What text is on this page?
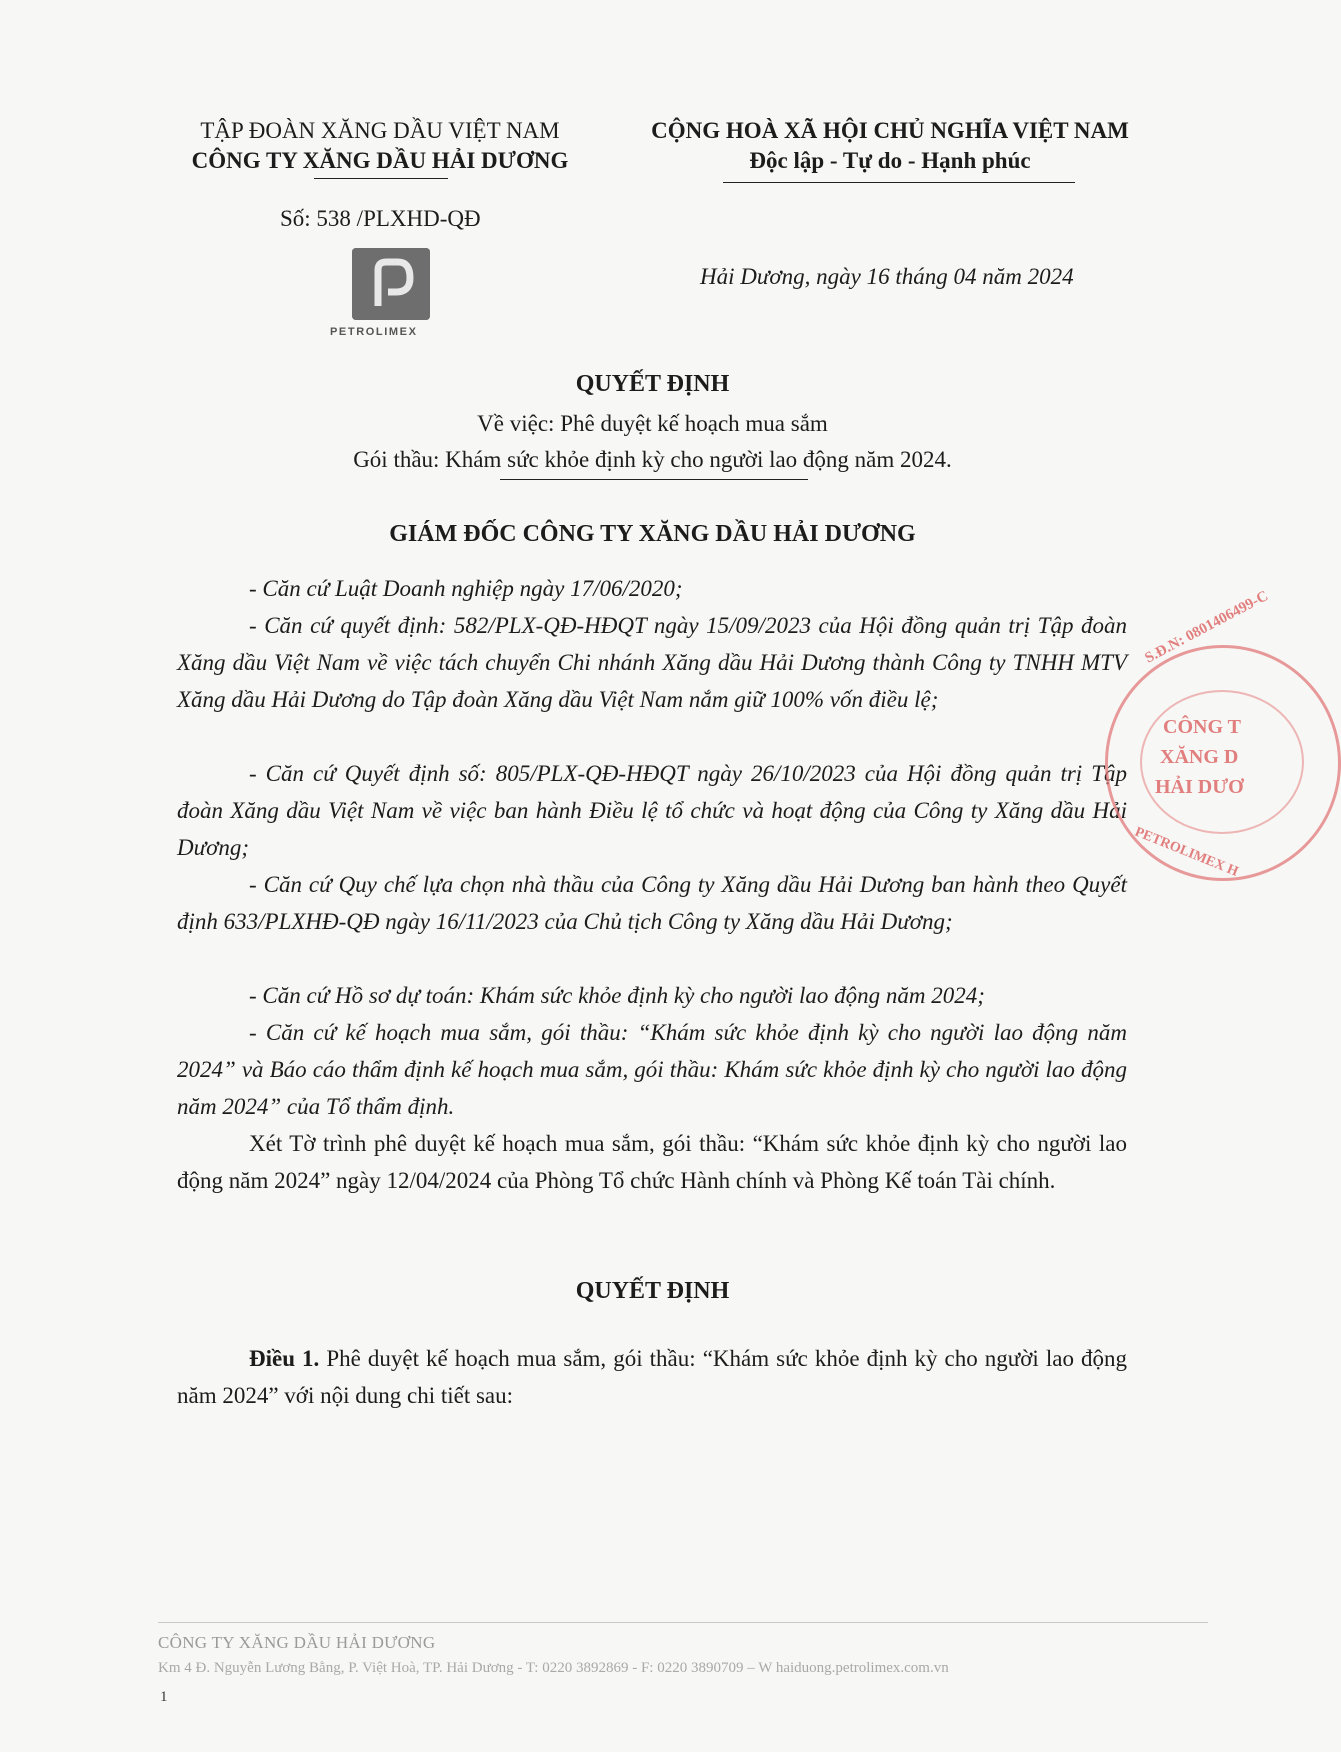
TẬP ĐOÀN XĂNG DẦU VIỆT NAM
CÔNG TY XĂNG DẦU HẢI DƯƠNG
Số: 538 /PLXHD-QĐ
PETROLIMEX
CỘNG HOÀ XÃ HỘI CHỦ NGHĨA VIỆT NAM
Độc lập - Tự do - Hạnh phúc
Hải Dương, ngày 16 tháng 04 năm 2024
QUYẾT ĐỊNH
Về việc: Phê duyệt kế hoạch mua sắm
Gói thầu: Khám sức khỏe định kỳ cho người lao động năm 2024.
GIÁM ĐỐC CÔNG TY XĂNG DẦU HẢI DƯƠNG
- Căn cứ Luật Doanh nghiệp ngày 17/06/2020;
- Căn cứ quyết định: 582/PLX-QĐ-HĐQT ngày 15/09/2023 của Hội đồng quản trị Tập đoàn Xăng dầu Việt Nam về việc tách chuyển Chi nhánh Xăng dầu Hải Dương thành Công ty TNHH MTV Xăng dầu Hải Dương do Tập đoàn Xăng dầu Việt Nam nắm giữ 100% vốn điều lệ;
- Căn cứ Quyết định số: 805/PLX-QĐ-HĐQT ngày 26/10/2023 của Hội đồng quản trị Tập đoàn Xăng dầu Việt Nam về việc ban hành Điều lệ tổ chức và hoạt động của Công ty Xăng dầu Hải Dương;
- Căn cứ Quy chế lựa chọn nhà thầu của Công ty Xăng dầu Hải Dương ban hành theo Quyết định 633/PLXHĐ-QĐ ngày 16/11/2023 của Chủ tịch Công ty Xăng dầu Hải Dương;
- Căn cứ Hồ sơ dự toán: Khám sức khỏe định kỳ cho người lao động năm 2024;
- Căn cứ kế hoạch mua sắm, gói thầu: “Khám sức khỏe định kỳ cho người lao động năm 2024” và Báo cáo thẩm định kế hoạch mua sắm, gói thầu: Khám sức khỏe định kỳ cho người lao động năm 2024” của Tổ thẩm định.
Xét Tờ trình phê duyệt kế hoạch mua sắm, gói thầu: “Khám sức khỏe định kỳ cho người lao động năm 2024” ngày 12/04/2024 của Phòng Tổ chức Hành chính và Phòng Kế toán Tài chính.
QUYẾT ĐỊNH
Điều 1. Phê duyệt kế hoạch mua sắm, gói thầu: “Khám sức khỏe định kỳ cho người lao động năm 2024” với nội dung chi tiết sau:
S.Đ.N: 0801406499-C
CÔNG T
XĂNG D
HẢI DƯƠ
PETROLIMEX H
CÔNG TY XĂNG DẦU HẢI DƯƠNG
Km 4 Đ. Nguyễn Lương Bằng, P. Việt Hoà, TP. Hải Dương - T: 0220 3892869 - F: 0220 3890709 – W haiduong.petrolimex.com.vn
1
